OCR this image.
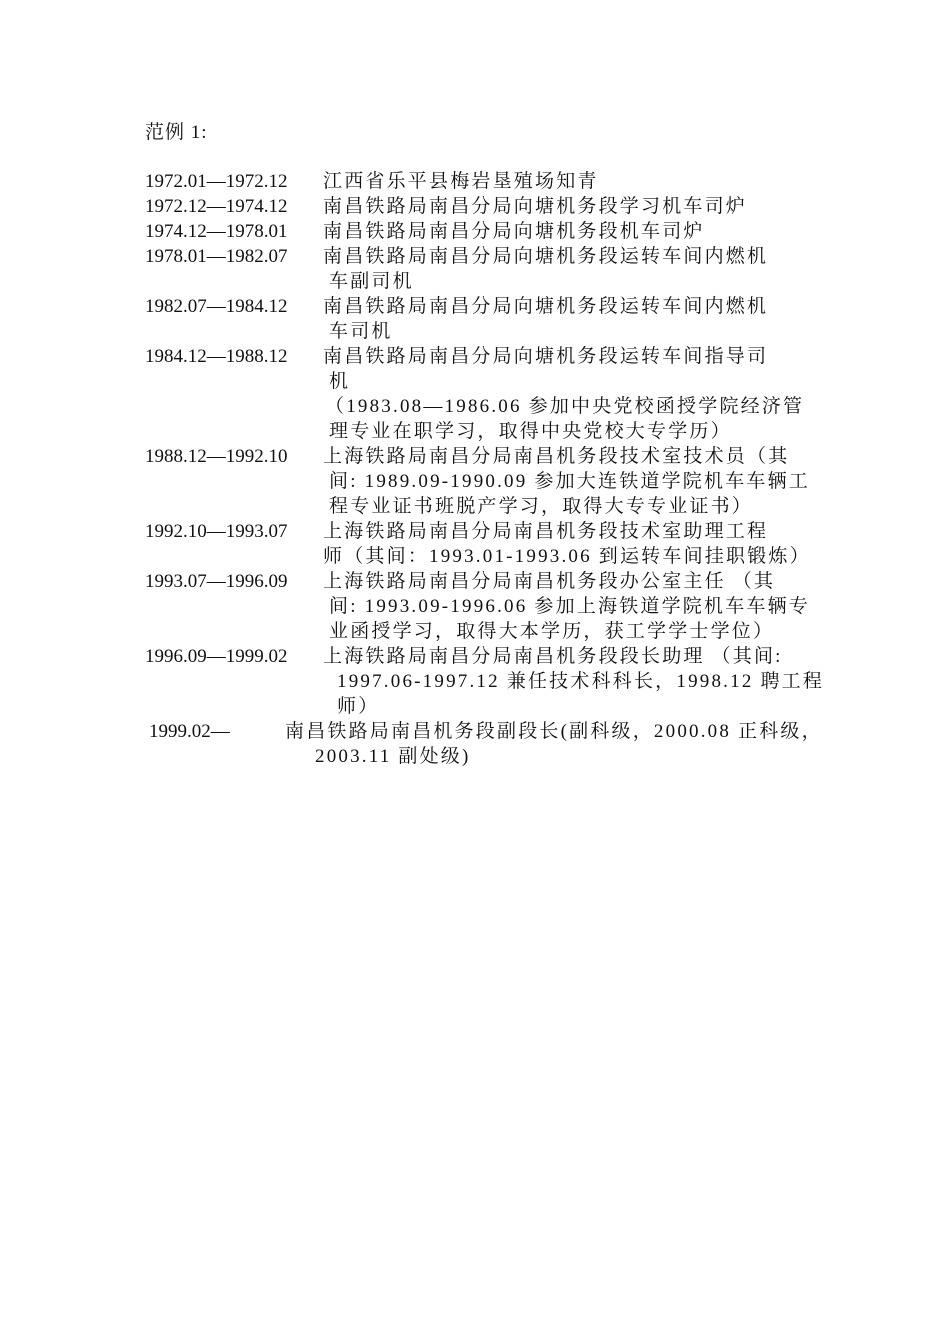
范例 1:
1972.01—1972.12 江西省乐平县梅岩垦殖场知青
1972.12—1974.12 南昌铁路局南昌分局向塘机务段学习机车司炉
1974.12—1978.01 南昌铁路局南昌分局向塘机务段机车司炉
1978.01—1982.07 南昌铁路局南昌分局向塘机务段运转车间内燃机
车副司机
1982.07—1984.12 南昌铁路局南昌分局向塘机务段运转车间内燃机
车司机
1984.12—1988.12 南昌铁路局南昌分局向塘机务段运转车间指导司
机
（1983.08—1986.06 参加中央党校函授学院经济管
理专业在职学习，取得中央党校大专学历）
1988.12—1992.10 上海铁路局南昌分局南昌机务段技术室技术员（其
间: 1989.09-1990.09 参加大连铁道学院机车车辆工
程专业证书班脱产学习，取得大专专业证书）
1992.10—1993.07 上海铁路局南昌分局南昌机务段技术室助理工程
师（其间：1993.01-1993.06 到运转车间挂职锻炼）
1993.07—1996.09 上海铁路局南昌分局南昌机务段办公室主任 （其
间: 1993.09-1996.06 参加上海铁道学院机车车辆专
业函授学习，取得大本学历，获工学学士学位）
1996.09—1999.02 上海铁路局南昌分局南昌机务段段长助理 （其间:
1997.06-1997.12 兼任技术科科长，1998.12 聘工程
师）
1999.02—	南昌铁路局南昌机务段副段长(副科级，2000.08 正科级，
2003.11 副处级)
